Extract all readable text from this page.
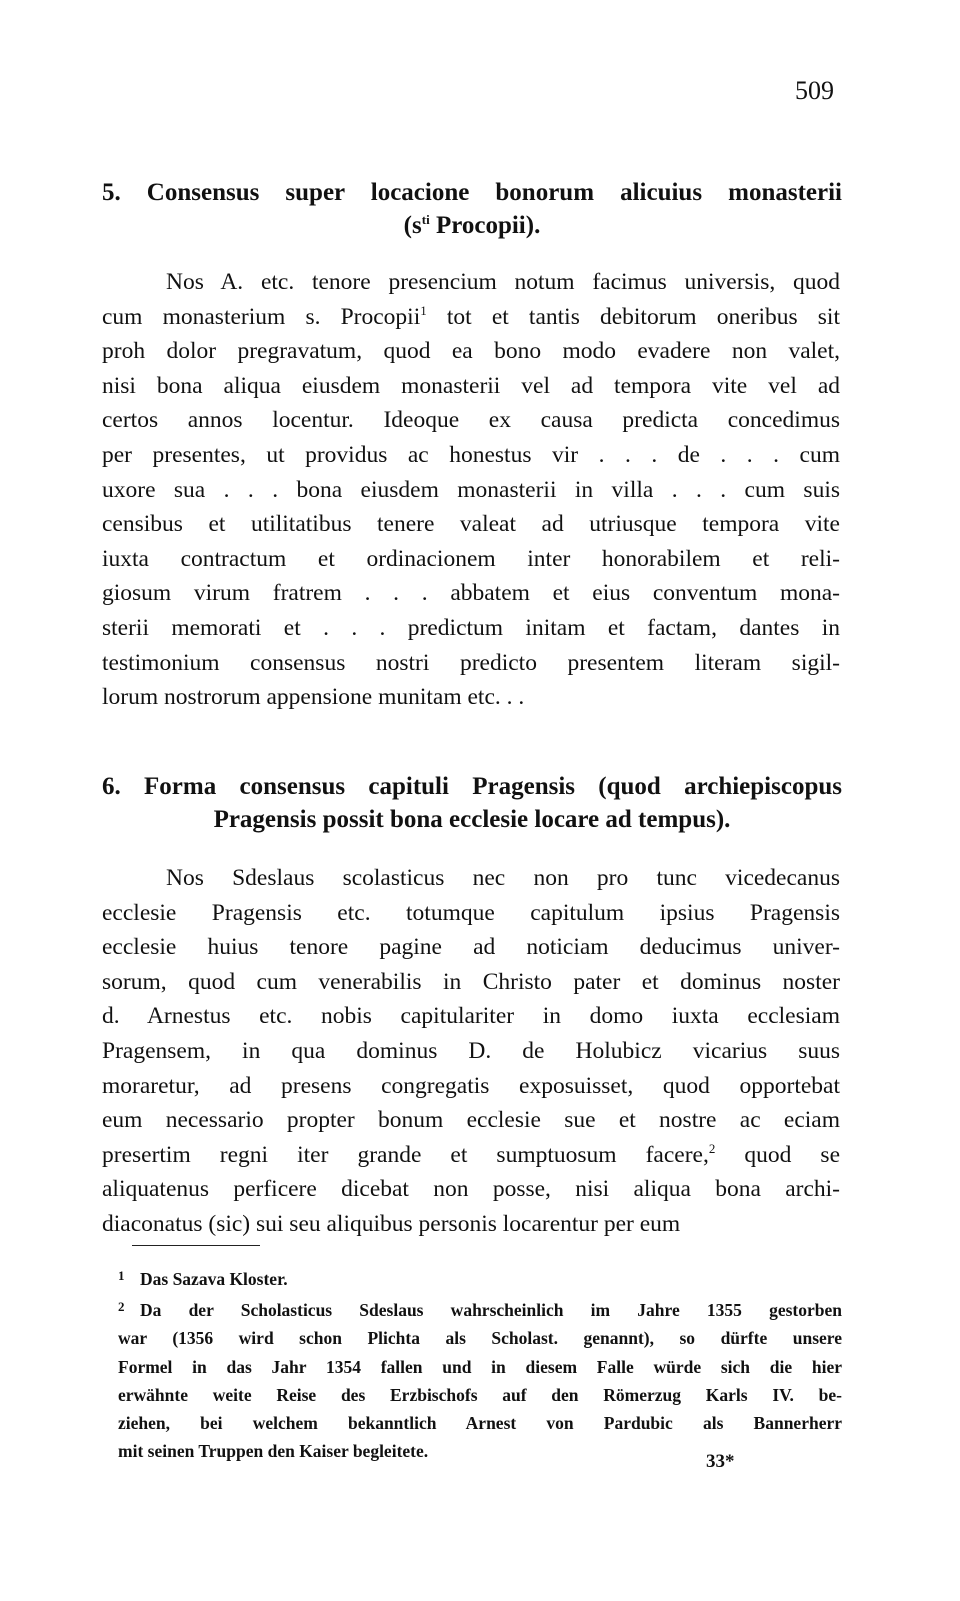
509
5. Consensus super locacione bonorum alicuius monasterii
($s^{ti}$ Procopii).
Nos A. etc. tenore presencium notum facimus universis, quod
cum monasterium s. Procopii$^1$ tot et tantis debitorum oneribus sit
proh dolor pregravatum, quod ea bono modo evadere non valet,
nisi bona aliqua eiusdem monasterii vel ad tempora vite vel ad
certos annos locentur. Ideoque ex causa predicta concedimus
per presentes, ut providus ac honestus vir . . . de . . . cum
uxore sua . . . bona eiusdem monasterii in villa . . . cum suis
censibus et utilitatibus tenere valeat ad utriusque tempora vite
iuxta contractum et ordinacionem inter honorabilem et reli-
giosum virum fratrem . . . abbatem et eius conventum mona-
sterii memorati et . . . predictum initam et factam, dantes in
testimonium consensus nostri predicto presentem literam sigil-
lorum nostrorum appensione munitam etc. . .
6. Forma consensus capituli Pragensis (quod archiepiscopus
Pragensis possit bona ecclesie locare ad tempus).
Nos Sdeslaus scolasticus nec non pro tunc vicedecanus
ecclesie Pragensis etc. totumque capitulum ipsius Pragensis
ecclesie huius tenore pagine ad noticiam deducimus univer-
sorum, quod cum venerabilis in Christo pater et dominus noster
d. Arnestus etc. nobis capitulariter in domo iuxta ecclesiam
Pragensem, in qua dominus D. de Holubicz vicarius suus
moraretur, ad presens congregatis exposuisset, quod opportebat
eum necessario propter bonum ecclesie sue et nostre ac eciam
presertim regni iter grande et sumptuosum facere,$^2$ quod se
aliquatenus perficere dicebat non posse, nisi aliqua bona archi-
diaconatus (sic) sui seu aliquibus personis locarentur per eum
1 Das Sazava Kloster.
2 Da der Scholasticus Sdeslaus wahrscheinlich im Jahre 1355 gestorben
war (1356 wird schon Plichta als Scholast. genannt), so dürfte unsere
Formel in das Jahr 1354 fallen und in diesem Falle würde sich die hier
erwähnte weite Reise des Erzbischofs auf den Römerzug Karls IV. be-
ziehen, bei welchem bekanntlich Arnest von Pardubic als Bannerherr
mit seinen Truppen den Kaiser begleitete.	33*
